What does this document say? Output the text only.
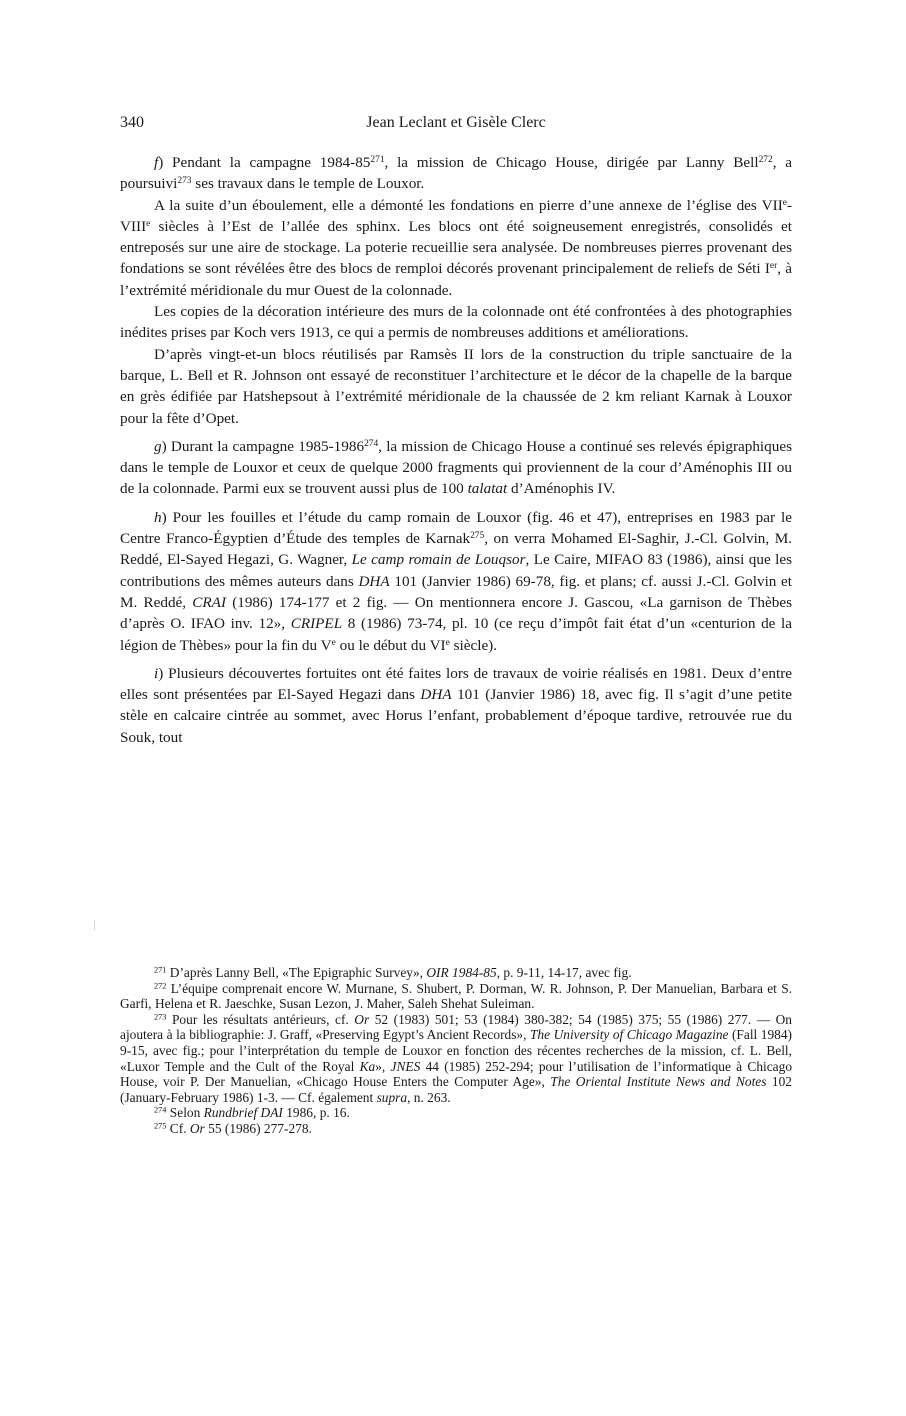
340	Jean Leclant et Gisèle Clerc

f) Pendant la campagne $1984-85^{271}$, la mission de Chicago House, dirigée par Lanny Bell$^{272}$, a poursuivi$^{273}$ ses travaux dans le temple de Louxor.

A la suite d’un éboulement, elle a démonté les fondations en pierre d’une annexe de l’église des VIIe-VIIIe siècles à l’Est de l’allée des sphinx. Les blocs ont été soigneusement enregistrés, consolidés et entreposés sur une aire de stockage. La poterie recueillie sera analysée. De nombreuses pierres provenant des fondations se sont révélées être des blocs de remploi décorés provenant principalement de reliefs de Séti Ier, à l’extrémité méridionale du mur Ouest de la colonnade.

Les copies de la décoration intérieure des murs de la colonnade ont été confrontées à des photographies inédites prises par Koch vers 1913, ce qui a permis de nombreuses additions et améliorations.

D’après vingt-et-un blocs réutilisés par Ramsès II lors de la construction du triple sanctuaire de la barque, L. Bell et R. Johnson ont essayé de reconstituer l’architecture et le décor de la chapelle de la barque en grès édifiée par Hatshepsout à l’extrémité méridionale de la chaussée de 2 km reliant Karnak à Louxor pour la fête d’Opet.

g) Durant la campagne 1985-1986$^{274}$, la mission de Chicago House a continué ses relevés épigraphiques dans le temple de Louxor et ceux de quelque 2000 fragments qui proviennent de la cour d’Aménophis III ou de la colonnade. Parmi eux se trouvent aussi plus de 100 talatat d’Aménophis IV.

h) Pour les fouilles et l’étude du camp romain de Louxor (fig. 46 et 47), entreprises en 1983 par le Centre Franco-Égyptien d’Étude des temples de Karnak$^{275}$, on verra Mohamed El-Saghir, J.-Cl. Golvin, M. Reddé, El-Sayed Hegazi, G. Wagner, Le camp romain de Louqsor, Le Caire, MIFAO 83 (1986), ainsi que les contributions des mêmes auteurs dans DHA 101 (Janvier 1986) 69-78, fig. et plans; cf. aussi J.-Cl. Golvin et M. Reddé, CRAI (1986) 174-177 et 2 fig. — On mentionnera encore J. Gascou, «La garnison de Thèbes d’après O. IFAO inv. 12», CRIPEL 8 (1986) 73-74, pl. 10 (ce reçu d’impôt fait état d’un «centurion de la légion de Thèbes» pour la fin du Ve ou le début du VIe siècle).

i) Plusieurs découvertes fortuites ont été faites lors de travaux de voirie réalisés en 1981. Deux d’entre elles sont présentées par El-Sayed Hegazi dans DHA 101 (Janvier 1986) 18, avec fig. Il s’agit d’une petite stèle en calcaire cintrée au sommet, avec Horus l’enfant, probablement d’époque tardive, retrouvée rue du Souk, tout

$^{271}$ D’après Lanny Bell, «The Epigraphic Survey», OIR 1984-85, p. 9-11, 14-17, avec fig.

$^{272}$ L’équipe comprenait encore W. Murnane, S. Shubert, P. Dorman, W. R. Johnson, P. Der Manuelian, Barbara et S. Garfi, Helena et R. Jaeschke, Susan Lezon, J. Maher, Saleh Shehat Suleiman.

$^{273}$ Pour les résultats antérieurs, cf. Or 52 (1983) 501; 53 (1984) 380-382; 54 (1985) 375; 55 (1986) 277. — On ajoutera à la bibliographie: J. Graff, «Preserving Egypt’s Ancient Records», The University of Chicago Magazine (Fall 1984) 9-15, avec fig.; pour l’interprétation du temple de Louxor en fonction des récentes recherches de la mission, cf. L. Bell, «Luxor Temple and the Cult of the Royal Ka», JNES 44 (1985) 252-294; pour l’utilisation de l’informatique à Chicago House, voir P. Der Manuelian, «Chicago House Enters the Computer Age», The Oriental Institute News and Notes 102 (January-February 1986) 1-3. — Cf. également supra, n. 263.

$^{274}$ Selon Rundbrief DAI 1986, p. 16.

$^{275}$ Cf. Or 55 (1986) 277-278.
